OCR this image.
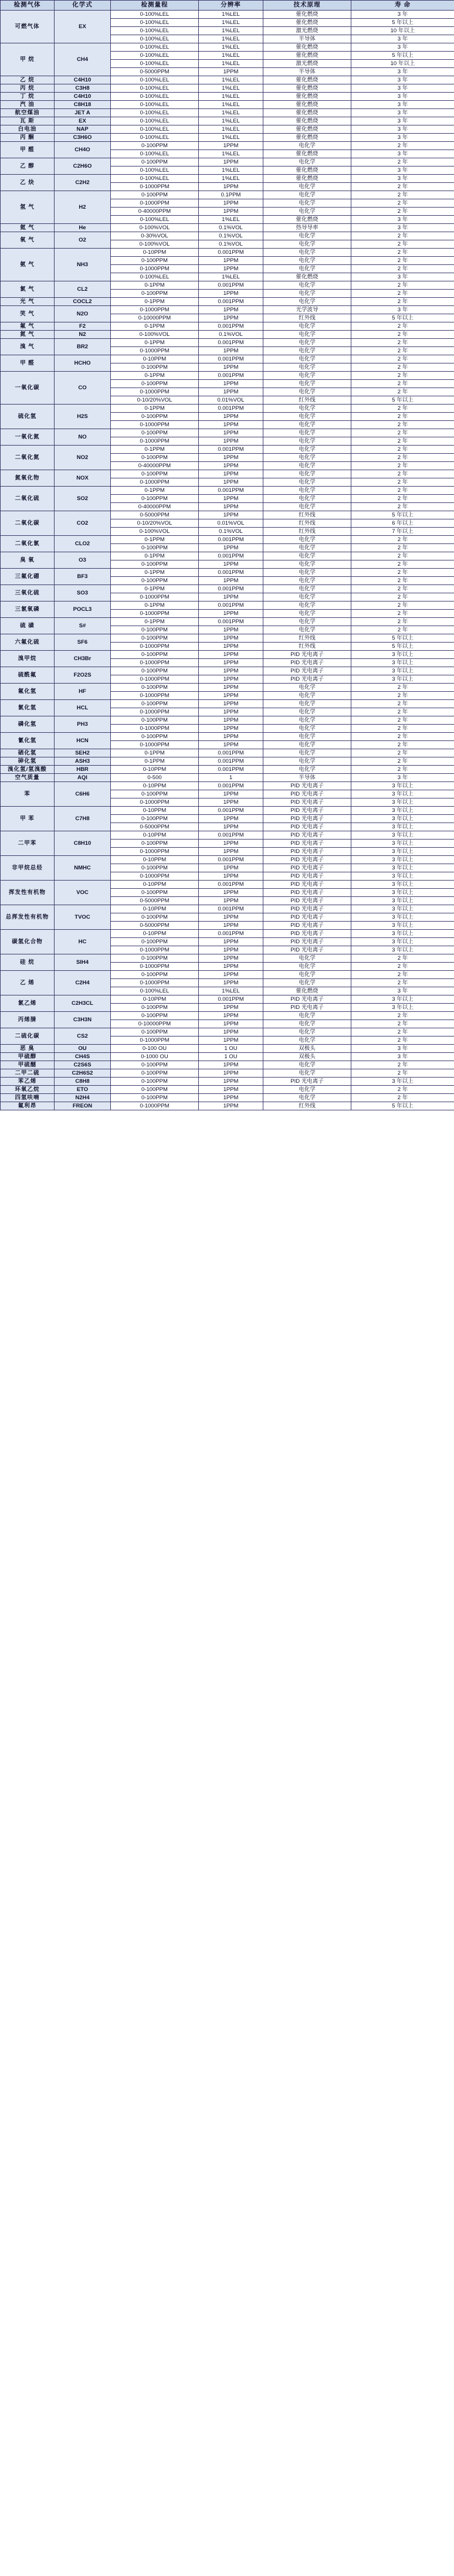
检测气体	化学式	检测量程	分辨率	技术原理	寿 命
可燃气体	EX	0-100%LEL	1%LEL	催化燃烧	3 年
		0-100%LEL	1%LEL	催化燃烧	5 年以上
		0-100%LEL	1%LEL	激光燃烧	10 年以上
		0-100%LEL	1%LEL	半导体	3 年
甲 烷	CH4	0-100%LEL	1%LEL	催化燃烧	3 年
		0-100%LEL	1%LEL	催化燃烧	5 年以上
		0-100%LEL	1%LEL	激光燃烧	10 年以上
		0-5000PPM	1PPM	半导体	3 年
乙 烷	C4H10	0-100%LEL	1%LEL	催化燃烧	3 年
丙 烷	C3H8	0-100%LEL	1%LEL	催化燃烧	3 年
丁 烷	C4H10	0-100%LEL	1%LEL	催化燃烧	3 年
汽 油	C8H18	0-100%LEL	1%LEL	催化燃烧	3 年
航空煤油	JET A	0-100%LEL	1%LEL	催化燃烧	3 年
瓦 斯	EX	0-100%LEL	1%LEL	催化燃烧	3 年
白电油	NAP	0-100%LEL	1%LEL	催化燃烧	3 年
丙 酮	C3H6O	0-100%LEL	1%LEL	催化燃烧	3 年
甲 醛	CH4O	0-100PPM	1PPM	电化学	2 年
		0-100%LEL	1%LEL	催化燃烧	3 年
乙 醇	C2H6O	0-100PPM	1PPM	电化学	2 年
		0-100%LEL	1%LEL	催化燃烧	3 年
乙 炔	C2H2	0-100%LEL	1%LEL	催化燃烧	3 年
		0-1000PPM	1PPM	电化学	2 年
氢 气	H2	0-100PPM	0.1PPM	电化学	2 年
		0-1000PPM	1PPM	电化学	2 年
		0-40000PPM	1PPM	电化学	2 年
		0-100%LEL	1%LEL	催化燃烧	3 年
氦 气	He	0-100%VOL	0.1%VOL	热导导率	3 年
氧 气	O2	0-30%VOL	0.1%VOL	电化学	2 年
		0-100%VOL	0.1%VOL	电化学	2 年
氨 气	NH3	0-10PPM	0.001PPM	电化学	2 年
		0-100PPM	1PPM	电化学	2 年
		0-1000PPM	1PPM	电化学	2 年
		0-100%LEL	1%LEL	催化燃烧	3 年
氯 气	CL2	0-1PPM	0.001PPM	电化学	2 年
		0-100PPM	1PPM	电化学	2 年
光 气	COCL2	0-1PPM	0.001PPM	电化学	2 年
笑 气	N2O	0-1000PPM	1PPM	光学波导	3 年
		0-10000PPM	1PPM	红外线	5 年以上
氟 气	F2	0-1PPM	0.001PPM	电化学	2 年
氮 气	N2	0-100%VOL	0.1%VOL	电化学	2 年
溴 气	BR2	0-1PPM	0.001PPM	电化学	2 年
		0-1000PPM	1PPM	电化学	2 年
甲 醛	HCHO	0-10PPM	0.001PPM	电化学	2 年
		0-100PPM	1PPM	电化学	2 年
一氧化碳	CO	0-1PPM	0.001PPM	电化学	2 年
		0-100PPM	1PPM	电化学	2 年
		0-1000PPM	1PPM	电化学	2 年
		0-10/20%VOL	0.01%VOL	红外线	5 年以上
硫化氢	H2S	0-1PPM	0.001PPM	电化学	2 年
		0-100PPM	1PPM	电化学	2 年
		0-1000PPM	1PPM	电化学	2 年
一氧化氮	NO	0-100PPM	1PPM	电化学	2 年
		0-1000PPM	1PPM	电化学	2 年
二氧化氮	NO2	0-1PPM	0.001PPM	电化学	2 年
		0-100PPM	1PPM	电化学	2 年
		0-40000PPM	1PPM	电化学	2 年
氮氧化物	NOX	0-100PPM	1PPM	电化学	2 年
		0-1000PPM	1PPM	电化学	2 年
二氧化硫	SO2	0-1PPM	0.001PPM	电化学	2 年
		0-100PPM	1PPM	电化学	2 年
		0-40000PPM	1PPM	电化学	2 年
二氧化碳	CO2	0-5000PPM	1PPM	红外线	5 年以上
		0-10/20%VOL	0.01%VOL	红外线	6 年以上
		0-100%VOL	0.1%VOL	红外线	7 年以上
二氧化氯	CLO2	0-1PPM	0.001PPM	电化学	2 年
		0-100PPM	1PPM	电化学	2 年
臭 氧	O3	0-1PPM	0.001PPM	电化学	2 年
		0-100PPM	1PPM	电化学	2 年
三氟化硼	BF3	0-1PPM	0.001PPM	电化学	2 年
		0-100PPM	1PPM	电化学	2 年
三氧化硫	SO3	0-1PPM	0.001PPM	电化学	2 年
		0-1000PPM	1PPM	电化学	2 年
三氯氧磷	POCL3	0-1PPM	0.001PPM	电化学	2 年
		0-1000PPM	1PPM	电化学	2 年
硫 磺	S#	0-1PPM	0.001PPM	电化学	2 年
		0-100PPM	1PPM	电化学	2 年
六氟化硫	SF6	0-100PPM	1PPM	红外线	5 年以上
		0-1000PPM	1PPM	红外线	5 年以上
溴甲烷	CH3Br	0-100PPM	1PPM	PID 光电离子	3 年以上
		0-1000PPM	1PPM	PID 光电离子	3 年以上
硫酰氟	F2O2S	0-100PPM	1PPM	PID 光电离子	3 年以上
		0-1000PPM	1PPM	PID 光电离子	3 年以上
氟化氢	HF	0-100PPM	1PPM	电化学	2 年
		0-1000PPM	1PPM	电化学	2 年
氯化氢	HCL	0-100PPM	1PPM	电化学	2 年
		0-1000PPM	1PPM	电化学	2 年
磷化氢	PH3	0-100PPM	1PPM	电化学	2 年
		0-1000PPM	1PPM	电化学	2 年
氰化氢	HCN	0-100PPM	1PPM	电化学	2 年
		0-1000PPM	1PPM	电化学	2 年
硒化氢	SEH2	0-1PPM	0.001PPM	电化学	2 年
砷化氢	ASH3	0-1PPM	0.001PPM	电化学	2 年
溴化氢/氢溴酸	HBR	0-10PPM	0.001PPM	电化学	2 年
空气质量	AQI	0-500	1	半导体	3 年
苯	C6H6	0-10PPM	0.001PPM	PID 光电离子	3 年以上
		0-100PPM	1PPM	PID 光电离子	3 年以上
		0-1000PPM	1PPM	PID 光电离子	3 年以上
甲 苯	C7H8	0-10PPM	0.001PPM	PID 光电离子	3 年以上
		0-100PPM	1PPM	PID 光电离子	3 年以上
		0-5000PPM	1PPM	PID 光电离子	3 年以上
二甲苯	C8H10	0-10PPM	0.001PPM	PID 光电离子	3 年以上
		0-100PPM	1PPM	PID 光电离子	3 年以上
		0-1000PPM	1PPM	PID 光电离子	3 年以上
非甲烷总烃	NMHC	0-10PPM	0.001PPM	PID 光电离子	3 年以上
		0-100PPM	1PPM	PID 光电离子	3 年以上
		0-1000PPM	1PPM	PID 光电离子	3 年以上
挥发性有机物	VOC	0-10PPM	0.001PPM	PID 光电离子	3 年以上
		0-100PPM	1PPM	PID 光电离子	3 年以上
		0-5000PPM	1PPM	PID 光电离子	3 年以上
总挥发性有机物	TVOC	0-10PPM	0.001PPM	PID 光电离子	3 年以上
		0-100PPM	1PPM	PID 光电离子	3 年以上
		0-5000PPM	1PPM	PID 光电离子	3 年以上
碳氢化合物	HC	0-10PPM	0.001PPM	PID 光电离子	3 年以上
		0-100PPM	1PPM	PID 光电离子	3 年以上
		0-1000PPM	1PPM	PID 光电离子	3 年以上
硅 烷	SIH4	0-100PPM	1PPM	电化学	2 年
		0-1000PPM	1PPM	电化学	2 年
乙 烯	C2H4	0-100PPM	1PPM	电化学	2 年
		0-1000PPM	1PPM	电化学	2 年
		0-100%LEL	1%LEL	催化燃烧	3 年
氯乙烯	C2H3CL	0-10PPM	0.001PPM	PID 光电离子	3 年以上
		0-100PPM	1PPM	PID 光电离子	3 年以上
丙烯腈	C3H3N	0-100PPM	1PPM	电化学	2 年
		0-10000PPM	1PPM	电化学	2 年
二硫化碳	CS2	0-100PPM	1PPM	电化学	2 年
		0-1000PPM	1PPM	电化学	2 年
恶 臭	OU	0-100 OU	1 OU	双极头	3 年
甲硫醇	CH4S	0-1000 OU	1 OU	双极头	3 年
甲硫醚	C2S6S	0-100PPM	1PPM	电化学	2 年
二甲二硫	C2H6S2	0-100PPM	1PPM	电化学	2 年
苯乙烯	C8H8	0-100PPM	1PPM	PID 光电离子	3 年以上
环氧乙烷	ETO	0-100PPM	1PPM	电化学	2 年
四氢呋喃	N2H4	0-100PPM	1PPM	电化学	2 年
氟利昂	FREON	0-1000PPM	1PPM	红外线	5 年以上
